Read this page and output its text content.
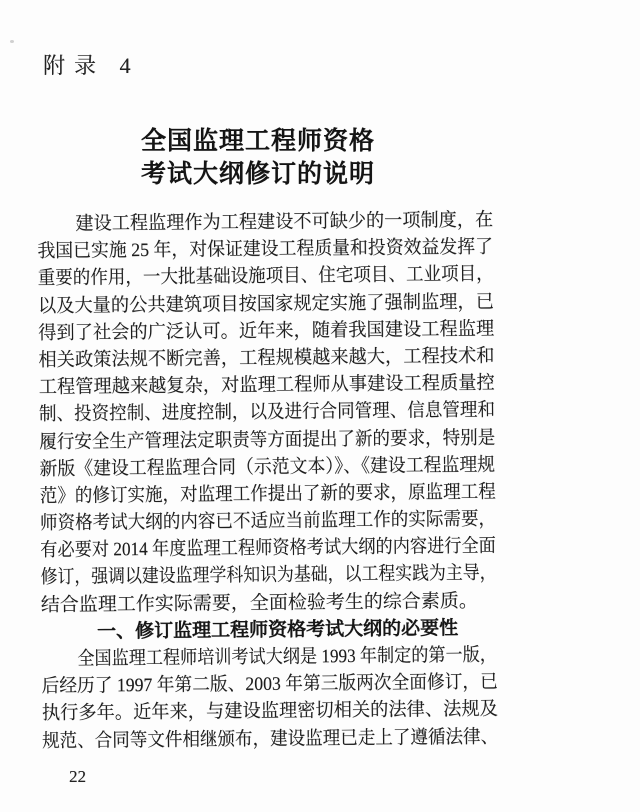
附录 4
全国监理工程师资格
考试大纲修订的说明
建设工程监理作为工程建设不可缺少的一项制度，在
我国已实施 25 年，对保证建设工程质量和投资效益发挥了
重要的作用，一大批基础设施项目、住宅项目、工业项目，
以及大量的公共建筑项目按国家规定实施了强制监理，已
得到了社会的广泛认可。近年来，随着我国建设工程监理
相关政策法规不断完善，工程规模越来越大，工程技术和
工程管理越来越复杂，对监理工程师从事建设工程质量控
制、投资控制、进度控制，以及进行合同管理、信息管理和
履行安全生产管理法定职责等方面提出了新的要求，特别是
新版《建设工程监理合同（示范文本）》、《建设工程监理规
范》的修订实施，对监理工作提出了新的要求，原监理工程
师资格考试大纲的内容已不适应当前监理工作的实际需要，
有必要对 2014 年度监理工程师资格考试大纲的内容进行全面
修订，强调以建设监理学科知识为基础，以工程实践为主导，
结合监理工作实际需要，全面检验考生的综合素质。
一、修订监理工程师资格考试大纲的必要性
全国监理工程师培训考试大纲是 1993 年制定的第一版，
后经历了 1997 年第二版、2003 年第三版两次全面修订，已
执行多年。近年来，与建设监理密切相关的法律、法规及
规范、合同等文件相继颁布，建设监理已走上了遵循法律、
22
